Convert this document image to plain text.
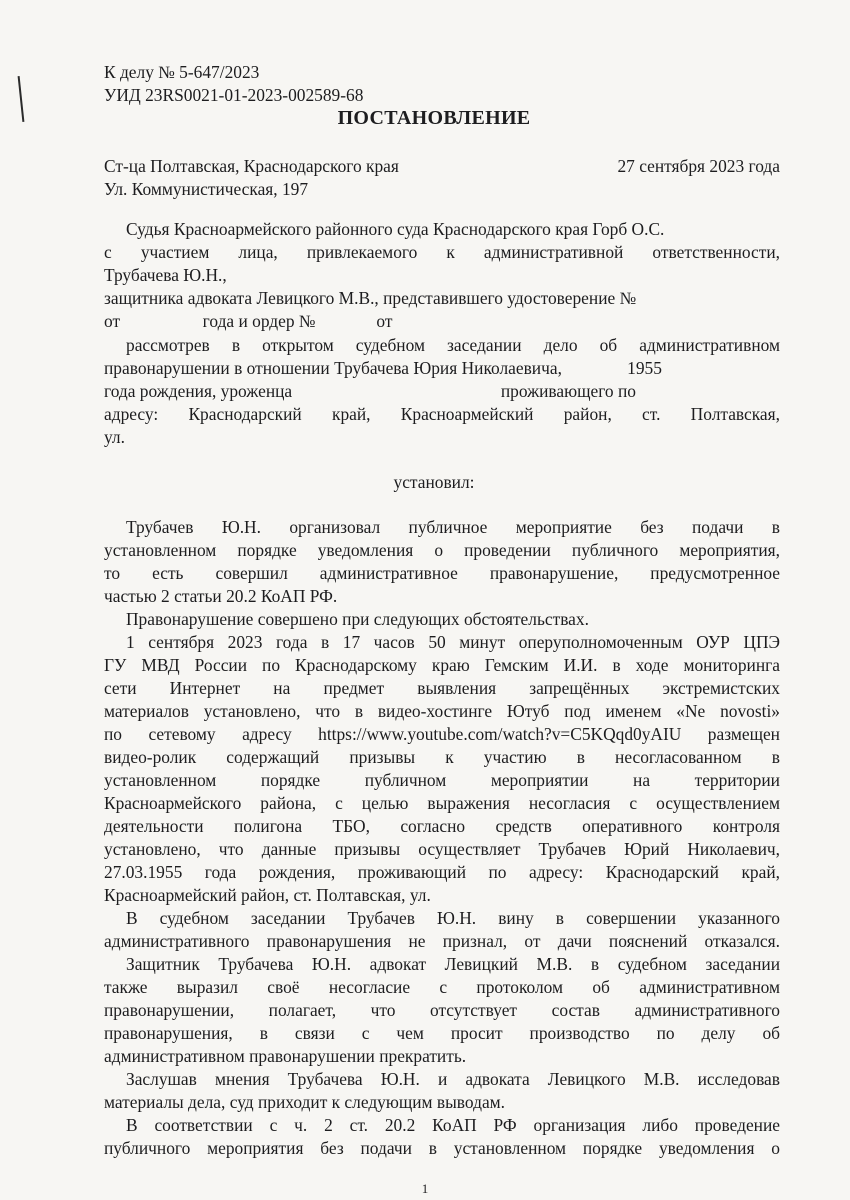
К делу № 5-647/2023
УИД 23RS0021-01-2023-002589-68
ПОСТАНОВЛЕНИЕ
Ст-ца Полтавская, Краснодарского края	27 сентября 2023 года
Ул. Коммунистическая, 197
Судья Красноармейского районного суда Краснодарского края Горб О.С.
с участием лица, привлекаемого к административной ответственности,
Трубачева Ю.Н.,
защитника адвоката Левицкого М.В., представившего удостоверение №
от                   года и ордер №              от
рассмотрев в открытом судебном заседании дело об административном
правонарушении в отношении Трубачева Юрия Николаевича,               1955
года рождения, уроженца                                                проживающего по
адресу: Краснодарский край, Красноармейский район, ст. Полтавская,
ул.
установил:
Трубачев Ю.Н. организовал публичное мероприятие без подачи в
установленном порядке уведомления о проведении публичного мероприятия,
то есть совершил административное правонарушение, предусмотренное
частью 2 статьи 20.2 КоАП РФ.
Правонарушение совершено при следующих обстоятельствах.
1 сентября 2023 года в 17 часов 50 минут оперуполномоченным ОУР ЦПЭ
ГУ МВД России по Краснодарскому краю Гемским И.И. в ходе мониторинга
сети Интернет на предмет выявления запрещённых экстремистских
материалов установлено, что в видео-хостинге Ютуб под именем «Ne novosti»
по сетевому адресу https://www.youtube.com/watch?v=C5KQqd0yAIU размещен
видео-ролик содержащий призывы к участию в несогласованном в
установленном порядке публичном мероприятии на территории
Красноармейского района, с целью выражения несогласия с осуществлением
деятельности полигона ТБО, согласно средств оперативного контроля
установлено, что данные призывы осуществляет Трубачев Юрий Николаевич,
27.03.1955 года рождения, проживающий по адресу: Краснодарский край,
Красноармейский район, ст. Полтавская, ул.
В судебном заседании Трубачев Ю.Н. вину в совершении указанного
административного правонарушения не признал, от дачи пояснений отказался.
Защитник Трубачева Ю.Н. адвокат Левицкий М.В. в судебном заседании
также выразил своё несогласие с протоколом об административном
правонарушении, полагает, что отсутствует состав административного
правонарушения, в связи с чем просит производство по делу об
административном правонарушении прекратить.
Заслушав мнения Трубачева Ю.Н. и адвоката Левицкого М.В. исследовав
материалы дела, суд приходит к следующим выводам.
В соответствии с ч. 2 ст. 20.2 КоАП РФ организация либо проведение
публичного мероприятия без подачи в установленном порядке уведомления о
1
